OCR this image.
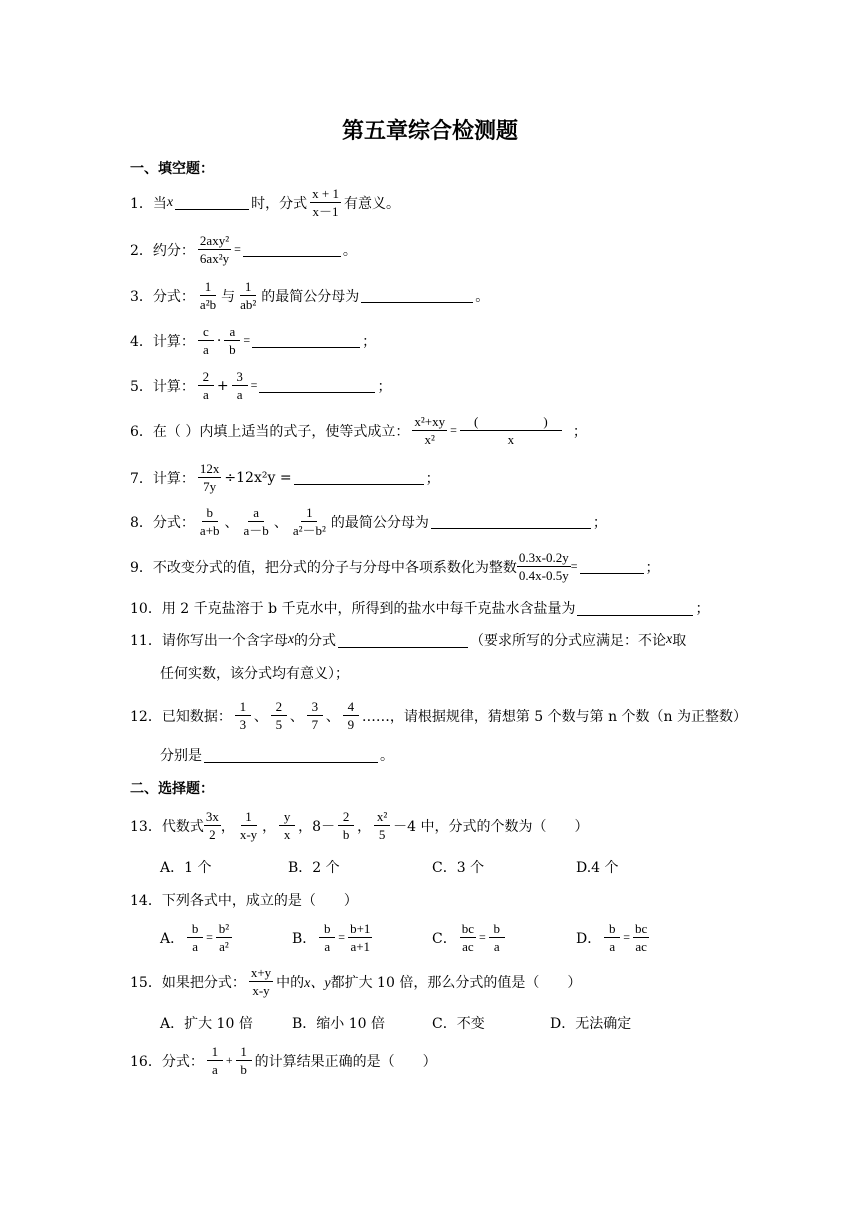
第五章综合检测题
一、填空题：
1．当 x	时，分式 $\frac{x + 1}{x-1}$ 有意义。
2．约分： $\frac{\text{2axy²}}{\text{6ax²y}}$ =	。
3．分式： $\frac{1}{\text{a²b}}$ 与 $\frac{1}{\text{ab²}}$ 的最简公分母为	。
4．计算： $\frac{c}{a} \cdot \frac{a}{b}$ =	；
5．计算： $\frac{2}{a} + \frac{3}{a}$ =	；
6．在（ ）内填上适当的式子，使等式成立： $\frac{\text{x²+xy}}{\text{x²}} = \frac{( )}{x}$ ；
7．计算： $\frac{12x}{7y} \div 12x^2y$ =	；
8．分式： $\frac{b}{a+b}$ 、 $\frac{a}{a-b}$ 、 $\frac{1}{\text{a²－b²}}$ 的最简公分母为	；
9．不改变分式的值，把分式的分子与分母中各项系数化为整数 $\frac{0.3x-0.2y}{0.4x-0.5y}$ =	；
10．用 2 千克盐溶于 b 千克水中，所得到的盐水中每千克盐水含盐量为	；
11．请你写出一个含字母 x 的分式	（要求所写的分式应满足：不论 x 取
任何实数，该分式均有意义）；
12．已知数据： $\frac{1}{3}$ 、 $\frac{2}{5}$ 、 $\frac{3}{7}$ 、 $\frac{4}{9}$ ……，请根据规律，猜想第 5 个数与第 n 个数（n 为正整数）
分别是	。
二、选择题：
13．代数式 $\frac{3x}{2}$ ， $\frac{1}{x-y}$ ， $\frac{y}{x}$ ， $8- \frac{2}{b}$ ， $\frac{\text{x²}}{5} -4$ 中，分式的个数为（　　）
A．1 个	B．2 个	C．3 个	D.4 个
14．下列各式中，成立的是（　　）
A． $\frac{b}{a} = \frac{\text{b²}}{\text{a²}}$	B． $\frac{b}{a} = \frac{b+1}{a+1}$	C． $\frac{bc}{ac} = \frac{b}{a}$	D． $\frac{b}{a} = \frac{bc}{ac}$
15．如果把分式： $\frac{x+y}{x-y}$ 中的 x、y 都扩大 10 倍，那么分式的值是（　　）
A．扩大 10 倍	B．缩小 10 倍	C．不变	D．无法确定
16．分式： $\frac{1}{a} + \frac{1}{b}$ 的计算结果正确的是（　　）
